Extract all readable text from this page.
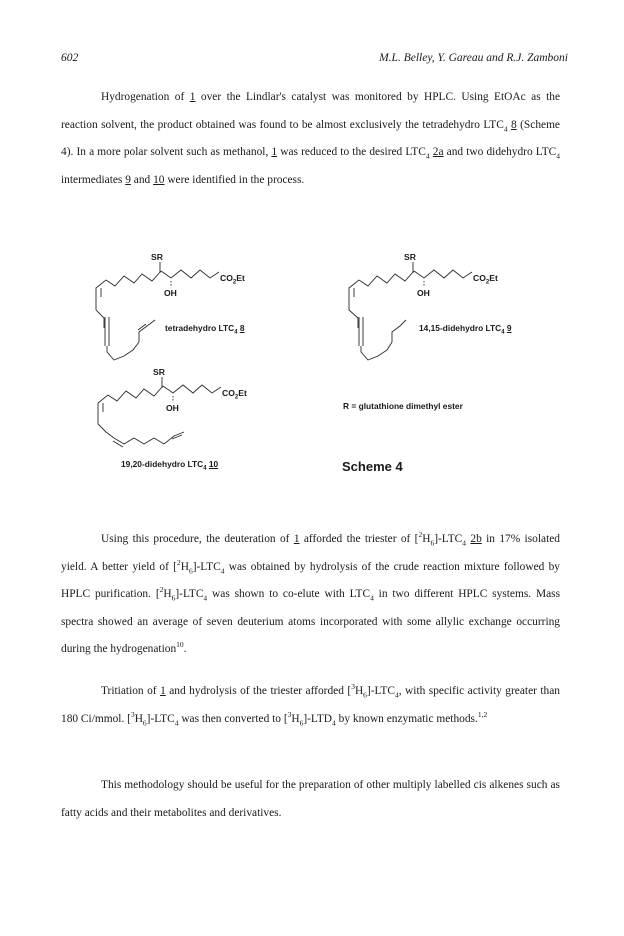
602	M.L. Belley, Y. Gareau and R.J. Zamboni
Hydrogenation of 1 over the Lindlar's catalyst was monitored by HPLC. Using EtOAc as the reaction solvent, the product obtained was found to be almost exclusively the tetradehydro $LTC_4$ 8 (Scheme 4). In a more polar solvent such as methanol, 1 was reduced to the desired $LTC_4$ 2a and two didehydro $LTC_4$ intermediates 9 and 10 were identified in the process.
SR
OH
$CO_2Et$
tetradehydro $LTC_4$ 8
SR
OH
$CO_2Et$
14,15-didehydro $LTC_4$ 9
SR
OH
$CO_2Et$
19,20-didehydro $LTC_4$ 10
R = glutathione dimethyl ester
Scheme 4
Using this procedure, the deuteration of 1 afforded the triester of $[^2H_6]-LTC_4$ 2b in 17% isolated yield. A better yield of $[^2H_6]-LTC_4$ was obtained by hydrolysis of the crude reaction mixture followed by HPLC purification. $[^2H_6]-LTC_4$ was shown to co-elute with $LTC_4$ in two different HPLC systems. Mass spectra showed an average of seven deuterium atoms incorporated with some allylic exchange occurring during the hydrogenation$^{10}$.
Tritiation of 1 and hydrolysis of the triester afforded $[^3H_6]-LTC_4$, with specific activity greater than 180 Ci/mmol. $[^3H_6]-LTC_4$ was then converted to $[^3H_6]-LTD_4$ by known enzymatic methods.$^{1,2}$
This methodology should be useful for the preparation of other multiply labelled cis alkenes such as fatty acids and their metabolites and derivatives.
